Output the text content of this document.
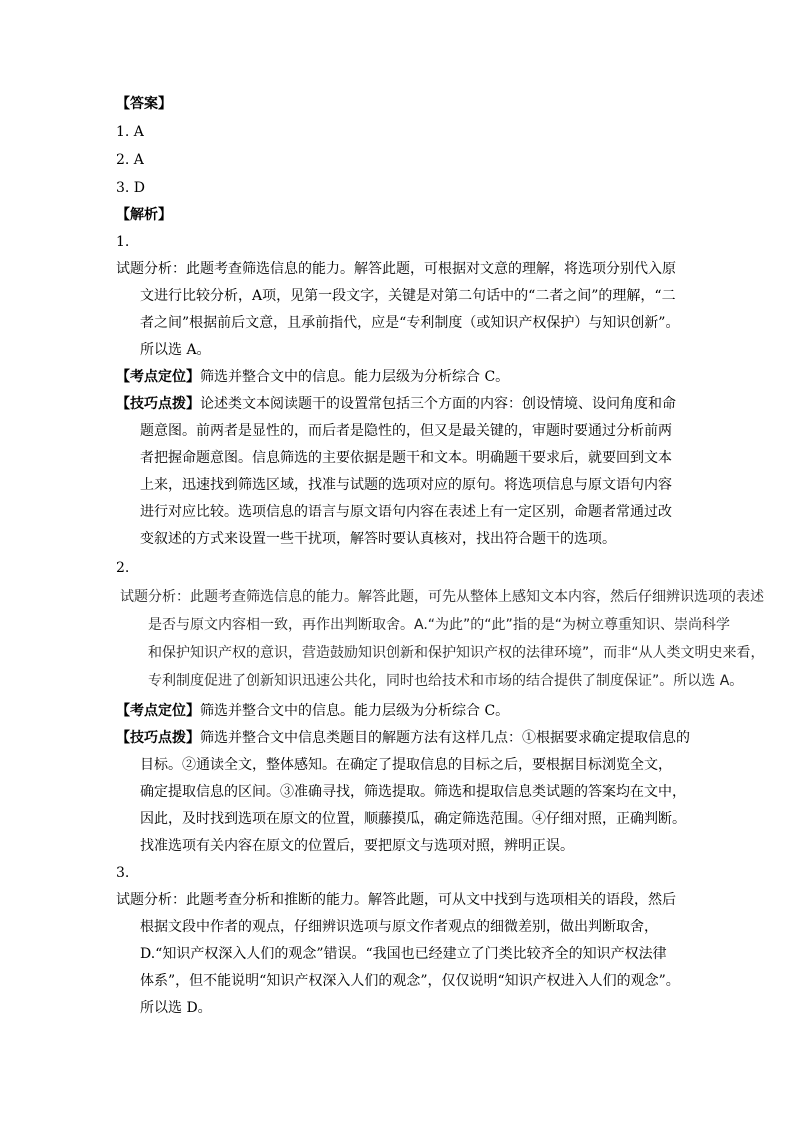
【答案】
1. A
2. A
3. D
【解析】
1.
试题分析：此题考查筛选信息的能力。解答此题，可根据对文意的理解，将选项分别代入原
文进行比较分析，A项，见第一段文字，关键是对第二句话中的“二者之间”的理解，“二
者之间”根据前后文意，且承前指代，应是“专利制度（或知识产权保护）与知识创新”。
所以选 A。
【考点定位】筛选并整合文中的信息。能力层级为分析综合 C。
【技巧点拨】论述类文本阅读题干的设置常包括三个方面的内容：创设情境、设问角度和命
题意图。前两者是显性的，而后者是隐性的，但又是最关键的，审题时要通过分析前两
者把握命题意图。信息筛选的主要依据是题干和文本。明确题干要求后，就要回到文本
上来，迅速找到筛选区域，找准与试题的选项对应的原句。将选项信息与原文语句内容
进行对应比较。选项信息的语言与原文语句内容在表述上有一定区别，命题者常通过改
变叙述的方式来设置一些干扰项，解答时要认真核对，找出符合题干的选项。
2.
试题分析：此题考查筛选信息的能力。解答此题，可先从整体上感知文本内容，然后仔细辨识选项的表述
是否与原文内容相一致，再作出判断取舍。A.“为此”的“此”指的是“为树立尊重知识、崇尚科学
和保护知识产权的意识，营造鼓励知识创新和保护知识产权的法律环境”，而非“从人类文明史来看，
专利制度促进了创新知识迅速公共化，同时也给技术和市场的结合提供了制度保证”。所以选 A。
【考点定位】筛选并整合文中的信息。能力层级为分析综合 C。
【技巧点拨】筛选并整合文中信息类题目的解题方法有这样几点：①根据要求确定提取信息的
目标。②通读全文，整体感知。在确定了提取信息的目标之后，要根据目标浏览全文，
确定提取信息的区间。③准确寻找，筛选提取。筛选和提取信息类试题的答案均在文中，
因此，及时找到选项在原文的位置，顺藤摸瓜，确定筛选范围。④仔细对照，正确判断。
找准选项有关内容在原文的位置后，要把原文与选项对照，辨明正误。
3.
试题分析：此题考查分析和推断的能力。解答此题，可从文中找到与选项相关的语段，然后
根据文段中作者的观点，仔细辨识选项与原文作者观点的细微差别，做出判断取舍，
D.“知识产权深入人们的观念”错误。“我国也已经建立了门类比较齐全的知识产权法律
体系”，但不能说明“知识产权深入人们的观念”，仅仅说明“知识产权进入人们的观念”。
所以选 D。
